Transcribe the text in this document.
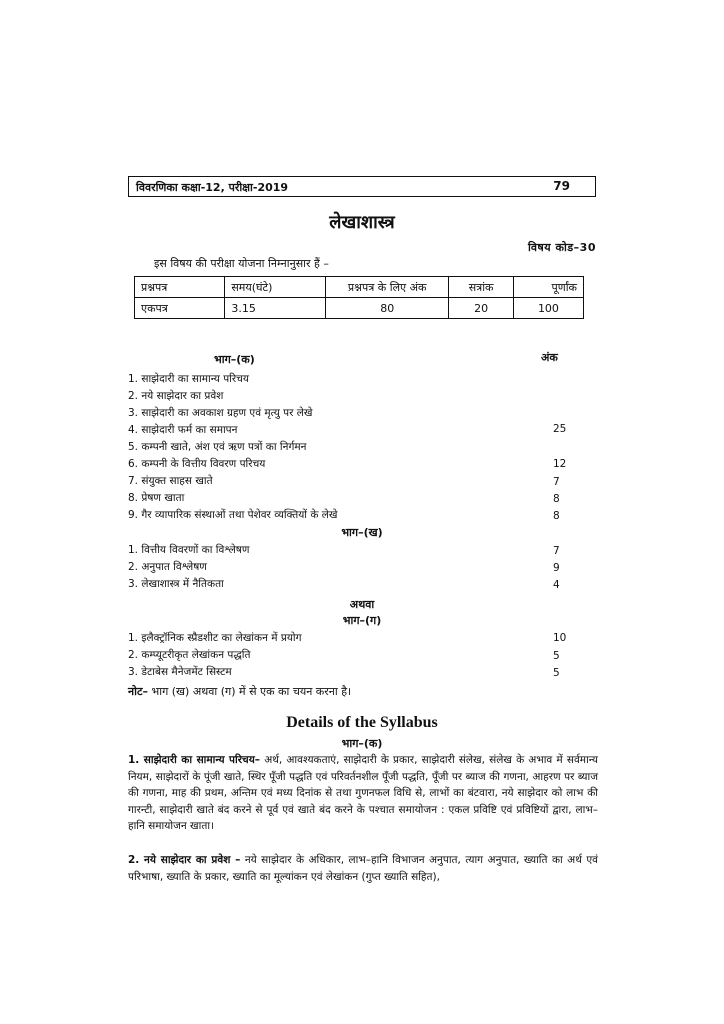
विवरणिका कक्षा-12, परीक्षा-2019	79
लेखाशास्त्र
विषय कोड–30
इस विषय की परीक्षा योजना निम्नानुसार हैं –
प्रश्नपत्र	समय(घंटे)	प्रश्नपत्र के लिए अंक	सत्रांक	पूर्णांक
एकपत्र	3.15	80	20	100
भाग–(क)	अंक
1. साझेदारी का सामान्य परिचय
2. नये साझेदार का प्रवेश
3. साझेदारी का अवकाश ग्रहण एवं मृत्यु पर लेखे
4. साझेदारी फर्म का समापन	25
5. कम्पनी खाते, अंश एवं ऋण पत्रों का निर्गमन
6. कम्पनी के वित्तीय विवरण परिचय	12
7. संयुक्त साहस खाते	7
8. प्रेषण खाता	8
9. गैर व्यापारिक संस्थाओं तथा पेशेवर व्यक्तियों के लेखे	8
भाग–(ख)
1. वित्तीय विवरणों का विश्लेषण	7
2. अनुपात विश्लेषण	9
3. लेखाशास्त्र में नैतिकता	4
अथवा
भाग–(ग)
1. इलैक्ट्रॉनिक स्प्रैडशीट का लेखांकन में प्रयोग	10
2. कम्प्यूटरीकृत लेखांकन पद्धति	5
3. डेटाबेस मैनेजमेंट सिस्टम	5
नोट– भाग (ख) अथवा (ग) में से एक का चयन करना है।
Details of the Syllabus
भाग–(क)
1. साझेदारी का सामान्य परिचय– अर्थ, आवश्यकताएं, साझेदारी के प्रकार, साझेदारी संलेख, संलेख के अभाव में सर्वमान्य नियम, साझेदारों के पूंजी खाते, स्थिर पूँजी पद्धति एवं परिवर्तनशील पूँजी पद्धति, पूँजी पर ब्याज की गणना, आहरण पर ब्याज की गणना, माह की प्रथम, अन्तिम एवं मध्य दिनांक से तथा गुणनफल विधि से, लाभों का बंटवारा, नये साझेदार को लाभ की गारन्टी, साझेदारी खाते बंद करने से पूर्व एवं खाते बंद करने के पश्चात समायोजन : एकल प्रविष्टि एवं प्रविष्टियों द्वारा, लाभ–हानि समायोजन खाता।
2. नये साझेदार का प्रवेश – नये साझेदार के अधिकार, लाभ–हानि विभाजन अनुपात, त्याग अनुपात, ख्याति का अर्थ एवं परिभाषा, ख्याति के प्रकार, ख्याति का मूल्यांकन एवं लेखांकन (गुप्त ख्याति सहित),
